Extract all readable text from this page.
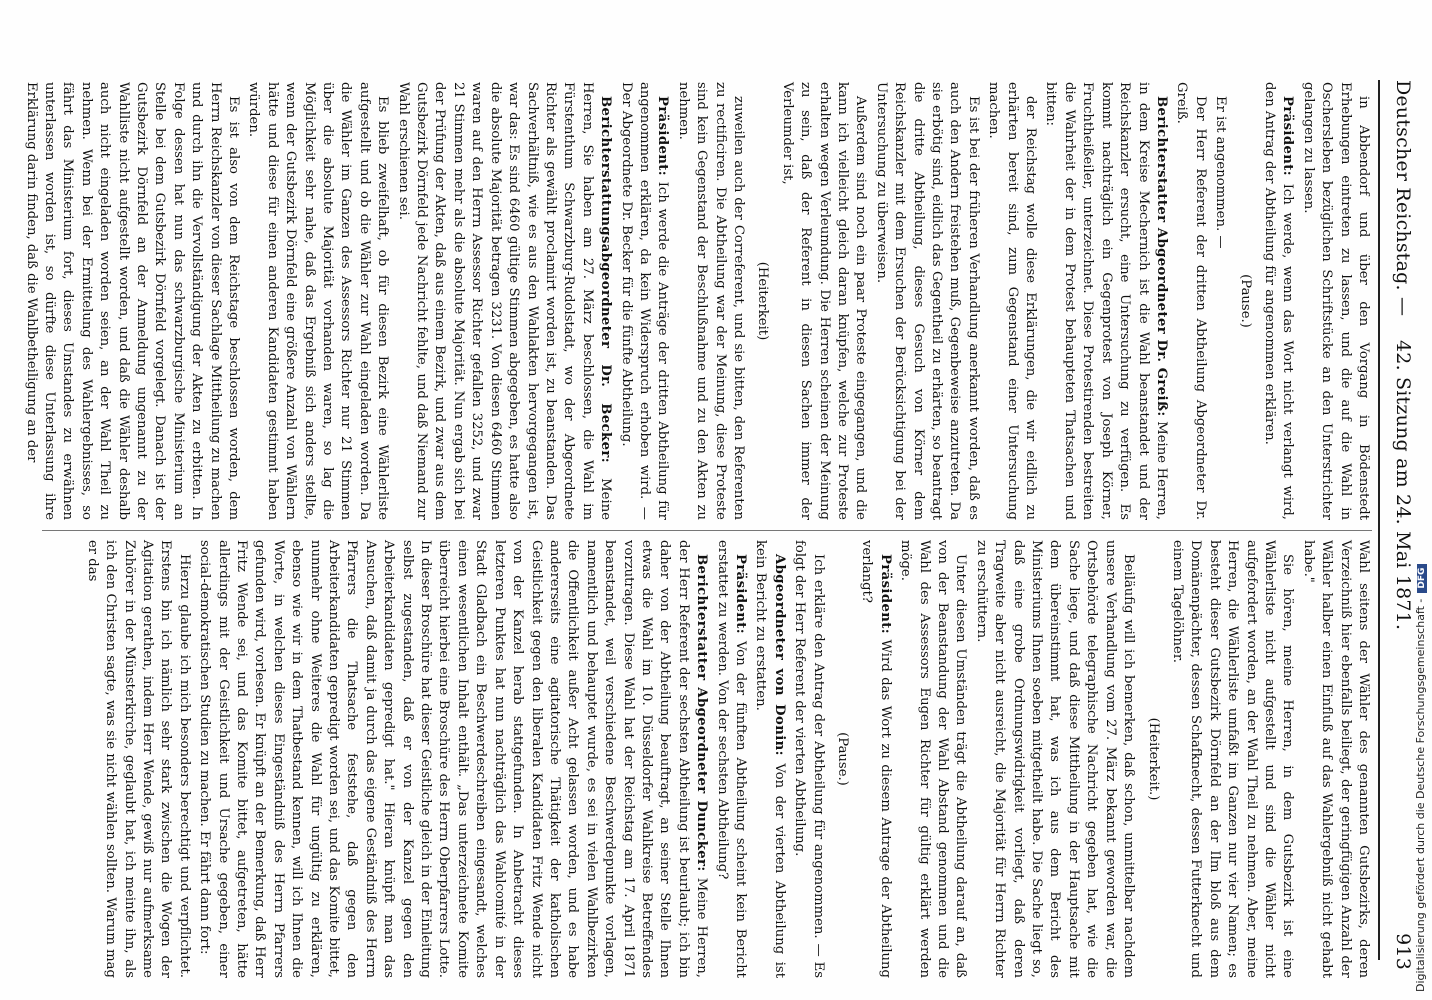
Deutscher Reichstag. —
42. Sitzung am 24. Mai 1871.
913

in Abbendorf und über den Vorgang in Bödenstedt Erhebungen eintreten zu lassen, und die auf die Wahl in Oschersleben bezüglichen Schriftstücke an den Unterstrichter gelangen zu lassen.

Präsident: Ich werde, wenn das Wort nicht verlangt wird, den Antrag der Abtheilung für angenommen erklären.

(Pause.)

Er ist angenommen. —

Der Herr Referent der dritten Abtheilung Abgeordneter Dr. Greiß.

Berichterstatter Abgeordneter Dr. Greiß: Meine Herren, in dem Kreise Mechernich ist die Wahl beanstandet und der Reichskanzler ersucht, eine Untersuchung zu verfügen. Es kommt nachträglich ein Gegenprotest von Joseph Körner, Fruchtheißeiler, unterzeichnet. Diese Protestirenden bestreiten die Wahrheit der in dem Protest behaupteten Thatsachen und bitten:

der Reichstag wolle diese Erklärungen, die wir eidlich zu erhärten bereit sind, zum Gegenstand einer Untersuchung machen.

Es ist bei der früheren Verhandlung anerkannt worden, daß es auch den Andern freistehen muß, Gegenbeweise anzutreten. Da sie erbötig sind, eidlich das Gegentheil zu erhärten, so beantragt die dritte Abtheilung, dieses Gesuch von Körner dem Reichskanzler mit dem Ersuchen der Berücksichtigung bei der Untersuchung zu überweisen.

Außerdem sind noch ein paar Proteste eingegangen, und die kann ich vielleicht gleich daran knüpfen, welche zur Proteste erhalten wegen Verleumdung. Die Herren scheinen der Meinung zu sein, daß der Referent in diesen Sachen immer der Verleumder ist,

(Heiterkeit)

zuweilen auch der Correferent, und sie bitten, den Referenten zu rectificiren. Die Abtheilung war der Meinung, diese Proteste sind kein Gegenstand der Beschlußnahme und zu den Akten zu nehmen.

Präsident: Ich werde die Anträge der dritten Abtheilung für angenommen erklären, da kein Widerspruch erhoben wird. — Der Abgeordnete Dr. Becker für die fünfte Abtheilung.

Berichterstattungsabgeordneter Dr. Becker: Meine Herren, Sie haben am 27. März beschlossen, die Wahl im Fürstenthum Schwarzburg-Rudolstadt, wo der Abgeordnete Richter als gewählt proclamirt worden ist, zu beanstanden. Das Sachverhältniß, wie es aus den Wahlakten hervorgegangen ist, war das: Es sind 6460 gültige Stimmen abgegeben, es hatte also die absolute Majorität betragen 3231. Von diesen 6460 Stimmen waren auf den Herrn Assessor Richter gefallen 3252, und zwar 21 Stimmen mehr als die absolute Majorität. Nun ergab sich bei der Prüfung der Akten, daß aus einem Bezirk, und zwar aus dem Gutsbezirk Dörnfeld jede Nachricht fehlte, und daß Niemand zur Wahl erschienen sei.

Es blieb zweifelhaft, ob für diesen Bezirk eine Wählerliste aufgestellt und ob die Wähler zur Wahl eingeladen worden. Da die Wähler im Ganzen des Assessors Richter nur 21 Stimmen über die absolute Majorität vorhanden waren, so lag die Möglichkeit sehr nahe, daß das Ergebniß sich anders stellte, wenn der Gutsbezirk Dörnfeld eine größere Anzahl von Wählern hätte und diese für einen anderen Kandidaten gestimmt haben würden.

Es ist also von dem Reichstage beschlossen worden, dem Herrn Reichskanzler von dieser Sachlage Mittheilung zu machen und durch ihn die Vervollständigung der Akten zu erbitten. In Folge dessen hat nun das schwarzburgische Ministerium an Stelle bei dem Gutsbezirk Dörnfeld vorgelegt. Danach ist der Gutsbezirk Dörnfeld an der Anmeldung ungenannt zu der Wahlliste nicht aufgestellt worden, und daß die Wähler deshalb auch nicht eingeladen worden seien, an der Wahl Theil zu nehmen. Wenn bei der Ermittelung des Wahlergebnisses, so fährt das Ministerium fort, dieses Umstandes zu erwähnen unterlassen worden ist, so dürfte diese Unterlassung ihre Erklärung darin finden, daß die Wahlbetheiligung an der

Wahl seitens der Wähler des genannten Gutsbezirks, deren Verzeichniß hier ebenfalls beiliegt, der geringfügigen Anzahl der Wähler halber einen Einfluß auf das Wahlergebniß nicht gehabt habe."

Sie hören, meine Herren, in dem Gutsbezirk ist eine Wählerliste nicht aufgestellt und sind die Wähler nicht aufgefordert worden, an der Wahl Theil zu nehmen. Aber, meine Herren, die Wählerliste umfaßt im Ganzen nur vier Namen; es besteht dieser Gutsbezirk Dörnfeld an der Ilm bloß aus dem Domänenpächter, dessen Schafknecht, dessen Futterknecht und einem Tagelöhner.

(Heiterkeit.)

Beiläufig will ich bemerken, daß schon, unmittelbar nachdem unsere Verhandlung vom 27. März bekannt geworden war, die Ortsbehörde telegraphische Nachricht gegeben hat, wie die Sache liege, und daß diese Mittheilung in der Hauptsache mit dem übereinstimmt hat, was ich aus dem Bericht des Ministeriums Ihnen soeben mitgetheilt habe. Die Sache liegt so, daß eine grobe Ordnungswidrigkeit vorliegt, daß deren Tragweite aber nicht ausreicht, die Majorität für Herrn Richter zu erschüttern.

Unter diesen Umständen trägt die Abtheilung darauf an, daß von der Beanstandung der Wahl Abstand genommen und die Wahl des Assessors Eugen Richter für gültig erklärt werden möge.

Präsident: Wird das Wort zu diesem Antrage der Abtheilung verlangt?

(Pause.)

Ich erkläre den Antrag der Abtheilung für angenommen. — Es folgt der Herr Referent der vierten Abtheilung.

Abgeordneter von Donin: Von der vierten Abtheilung ist kein Bericht zu erstatten.

Präsident: Von der fünften Abtheilung scheint kein Bericht erstattet zu werden. Von der sechsten Abtheilung?

Berichterstatter Abgeordneter Duncker: Meine Herren, der Herr Referent der sechsten Abtheilung ist beurlaubt; ich bin daher von der Abtheilung beauftragt, an seiner Stelle Ihnen etwas die Wahl im 10. Düsseldorfer Wahlkreise Betreffendes vorzutragen. Diese Wahl hat der Reichstag am 17. April 1871 beanstandet, weil verschiedene Beschwerdepunkte vorlagen, namentlich und behauptet wurde, es sei in vielen Wahlbezirken die Offentlichkeit außer Acht gelassen worden, und es habe andererseits eine agitatorische Thätigkeit der katholischen Geistlichkeit gegen den liberalen Kandidaten Fritz Wende nicht von der Kanzel herab stattgefunden. In Anbetracht dieses letzteren Punktes hat nun nachträglich das Wahlcomité in der Stadt Gladbach ein Beschwerdeschreiben eingesandt, welches einen wesentlichen Inhalt enthält. „Das unterzeichnete Komite überreicht hierbei eine Broschüre des Herrn Oberpfarrers Lotte. In dieser Broschüre hat dieser Geistliche gleich in der Einleitung selbst zugestanden, daß er von der Kanzel gegen den Arbeiterkandidaten gepredigt hat." Hieran knüpft man das Ansuchen, daß damit ja durch das eigene Geständniß des Herrn Pfarrers die Thatsache feststehe, daß gegen den Arbeiterkandidaten gepredigt worden sei, und das Komite bittet, nunmehr ohne Weiteres die Wahl für ungültig zu erklären, ebenso wie wir in dem Thatbestand kennen, will ich Ihnen die Worte, in welchen dieses Eingeständniß des Herrn Pfarrers gefunden wird, vorlesen. Er knüpft an der Bemerkung, daß Herr Fritz Wende sei, und das Komite bittet, aufgetreten, hätte allerdings mit der Geistlichkeit und Ursache gegeben, einer social-demokratischen Studien zu machen. Er fährt dann fort:

Hierzu glaube ich mich besonders berechtigt und verpflichtet. Erstens bin ich nämlich sehr stark zwischen die Wogen der Agitation gerathen, indem Herr Wende, gewiß nur aufmerksame Zuhörer in der Münsterkirche, geglaubt hat, ich meinte ihn, als ich den Christen sagte, was sie nicht wählen sollten. Warum mag er das

Digitalisierung gefördert durch die Deutsche Forschungsgemeinschaft -DFG
